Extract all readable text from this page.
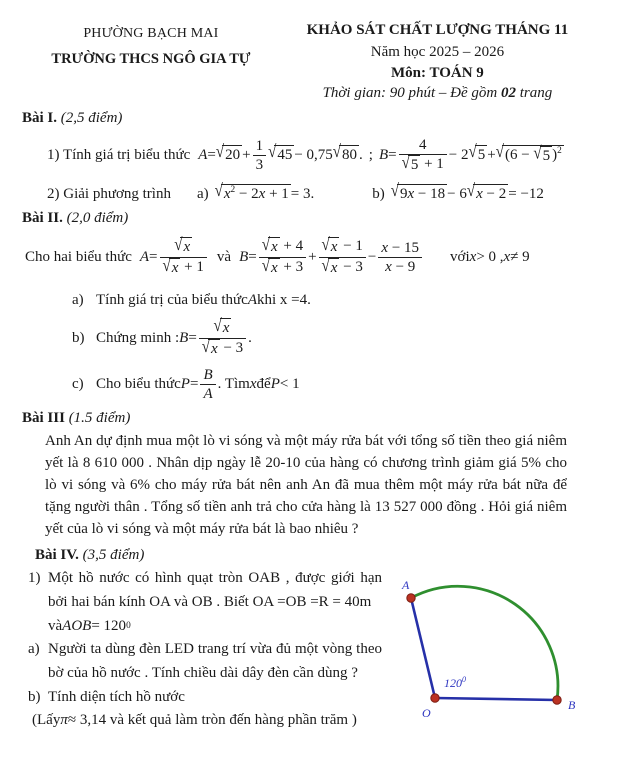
PHƯỜNG BẠCH MAI
TRƯỜNG THCS NGÔ GIA TỰ
KHẢO SÁT CHẤT LƯỢNG THÁNG 11
Năm học 2025 – 2026
Môn: TOÁN 9
Thời gian: 90 phút – Đề gồm 02 trang
Bài I. (2,5 điểm)
1) Tính giá trị biểu thức A = √ $20 + \frac{1}{3}$ √ 45 − 0,75 √ 80 . ; $B = \frac{4}{√ 5 + 1} - 2$ √ 5 + √ (6 − √ 5 )$^2$
2) Giải phương trình a) √ $x^2 - 2x + 1 = 3$.	b) √ 9x − 18 − 6 √ x − 2 = −12
Bài II. (2,0 điểm)
Cho hai biểu thức $A = \frac{√ x}{√ x + 1}$ và $B = \frac{√ x + 4}{√ x + 3} + \frac{√ x - 1}{√ x - 3} - \frac{x - 15}{x - 9}$ với x > 0 , x ≠ 9
a) Tính giá trị của biểu thức A khi x =4.
b) Chứng minh : $B = \frac{√ x}{√ x - 3}$ .
c) Cho biểu thức $P = \frac{B}{A}$ . Tìm x để P < 1
Bài III (1.5 điểm)
Anh An dự định mua một lò vi sóng và một máy rửa bát với tổng số tiền theo giá niêm yết là 8 610 000 . Nhân dịp ngày lễ 20-10 của hàng có chương trình giảm giá 5% cho lò vi sóng và 6% cho máy rửa bát nên anh An đã mua thêm một máy rửa bát nữa để tặng người thân . Tổng số tiền anh trả cho cửa hàng là 13 527 000 đồng . Hỏi giá niêm yết của lò vi sóng và một máy rửa bát là bao nhiêu ?
Bài IV. (3,5 điểm)
1) Một hồ nước có hình quạt tròn OAB , được giới hạn bởi hai bán kính OA và OB . Biết OA =OB =R = 40m
và AOB = 120 0
a) Người ta dùng đèn LED trang trí vừa đủ một vòng theo bờ của hồ nước . Tính chiều dài dây đèn cần dùng ?
b) Tính diện tích hồ nước
(Lấy π ≈ 3,14 và kết quả làm tròn đến hàng phần trăm )
A
O
B
$120^0$
